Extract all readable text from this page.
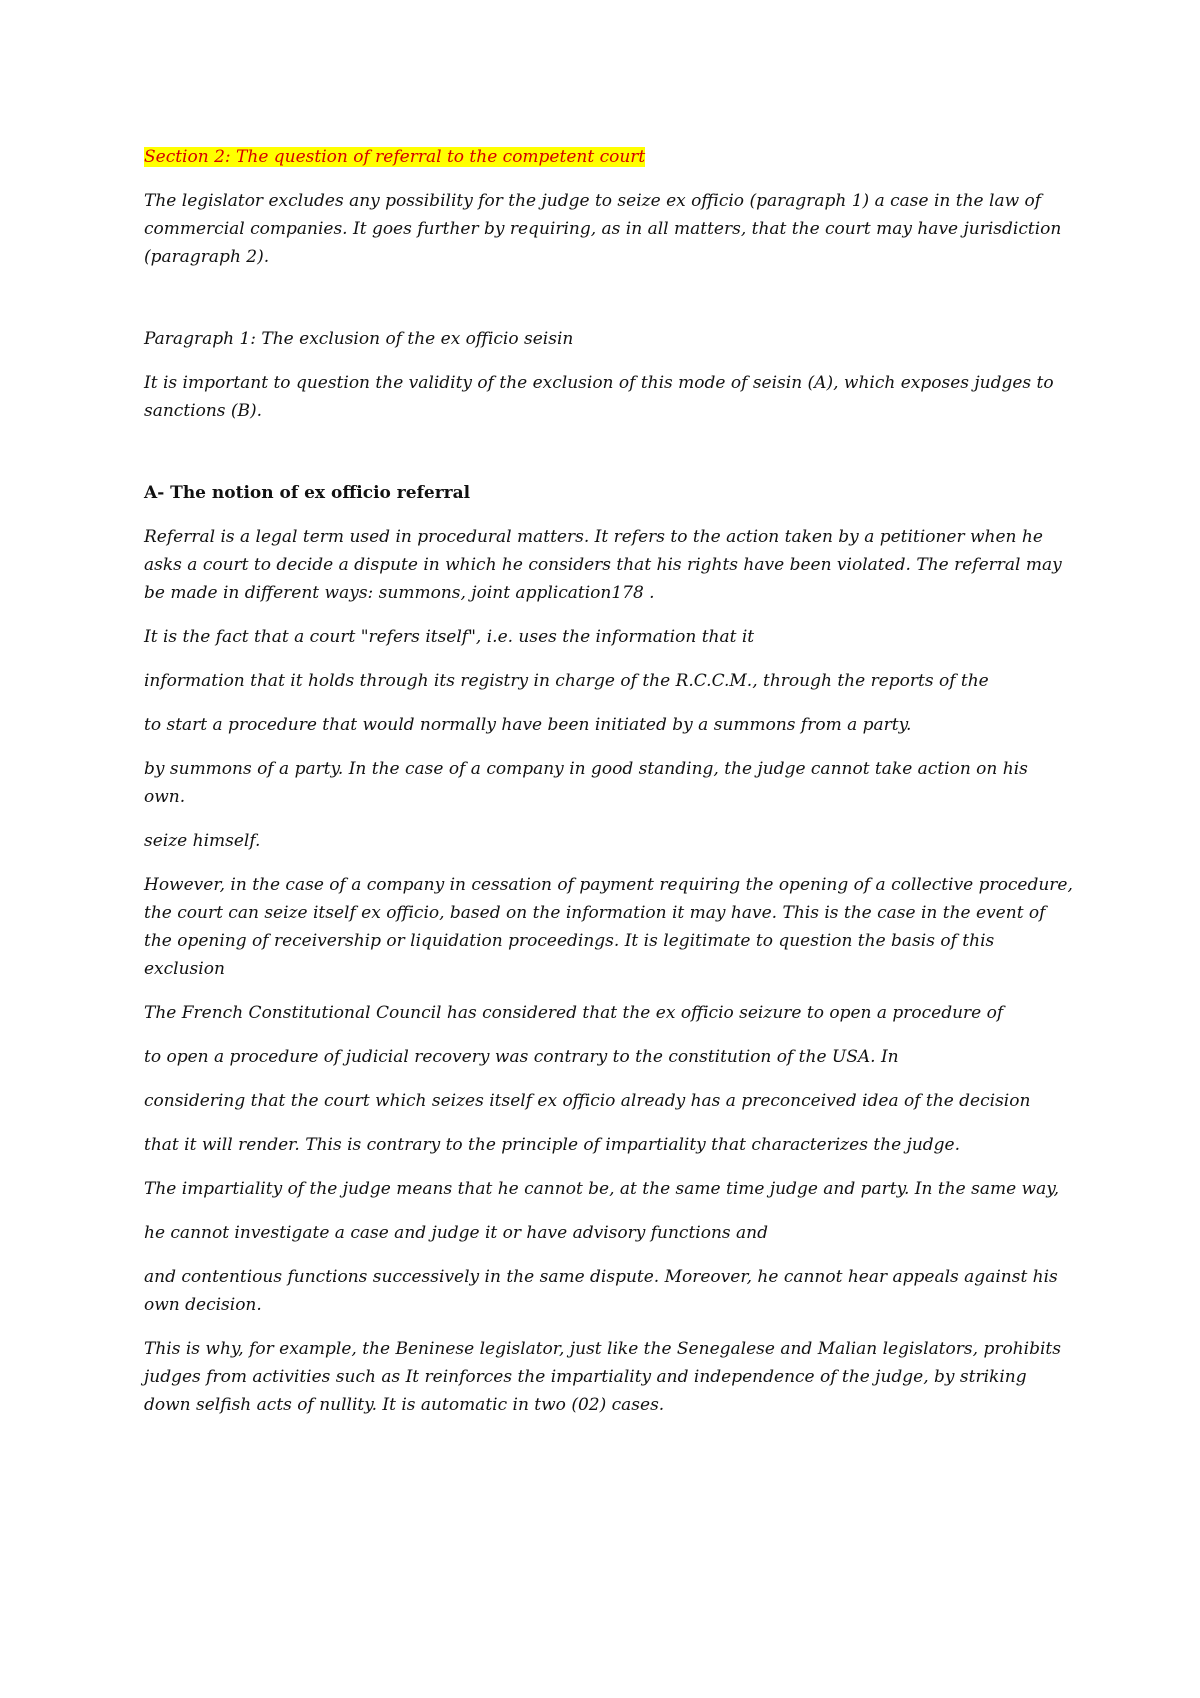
Section 2: The question of referral to the competent court

The legislator excludes any possibility for the judge to seize ex officio (paragraph 1) a case in the law of commercial companies. It goes further by requiring, as in all matters, that the court may have jurisdiction (paragraph 2).

Paragraph 1: The exclusion of the ex officio seisin

It is important to question the validity of the exclusion of this mode of seisin (A), which exposes judges to sanctions (B).

A- The notion of ex officio referral

Referral is a legal term used in procedural matters. It refers to the action taken by a petitioner when he asks a court to decide a dispute in which he considers that his rights have been violated. The referral may be made in different ways: summons, joint application178 .

It is the fact that a court "refers itself", i.e. uses the information that it

information that it holds through its registry in charge of the R.C.C.M., through the reports of the

to start a procedure that would normally have been initiated by a summons from a party.

by summons of a party. In the case of a company in good standing, the judge cannot take action on his own.

seize himself.

However, in the case of a company in cessation of payment requiring the opening of a collective procedure, the court can seize itself ex officio, based on the information it may have. This is the case in the event of the opening of receivership or liquidation proceedings. It is legitimate to question the basis of this exclusion

The French Constitutional Council has considered that the ex officio seizure to open a procedure of

to open a procedure of judicial recovery was contrary to the constitution of the USA. In

considering that the court which seizes itself ex officio already has a preconceived idea of the decision

that it will render. This is contrary to the principle of impartiality that characterizes the judge.

The impartiality of the judge means that he cannot be, at the same time judge and party. In the same way,

he cannot investigate a case and judge it or have advisory functions and

and contentious functions successively in the same dispute. Moreover, he cannot hear appeals against his own decision.

This is why, for example, the Beninese legislator, just like the Senegalese and Malian legislators, prohibits judges from activities such as It reinforces the impartiality and independence of the judge, by striking down selfish acts of nullity. It is automatic in two (02) cases.
